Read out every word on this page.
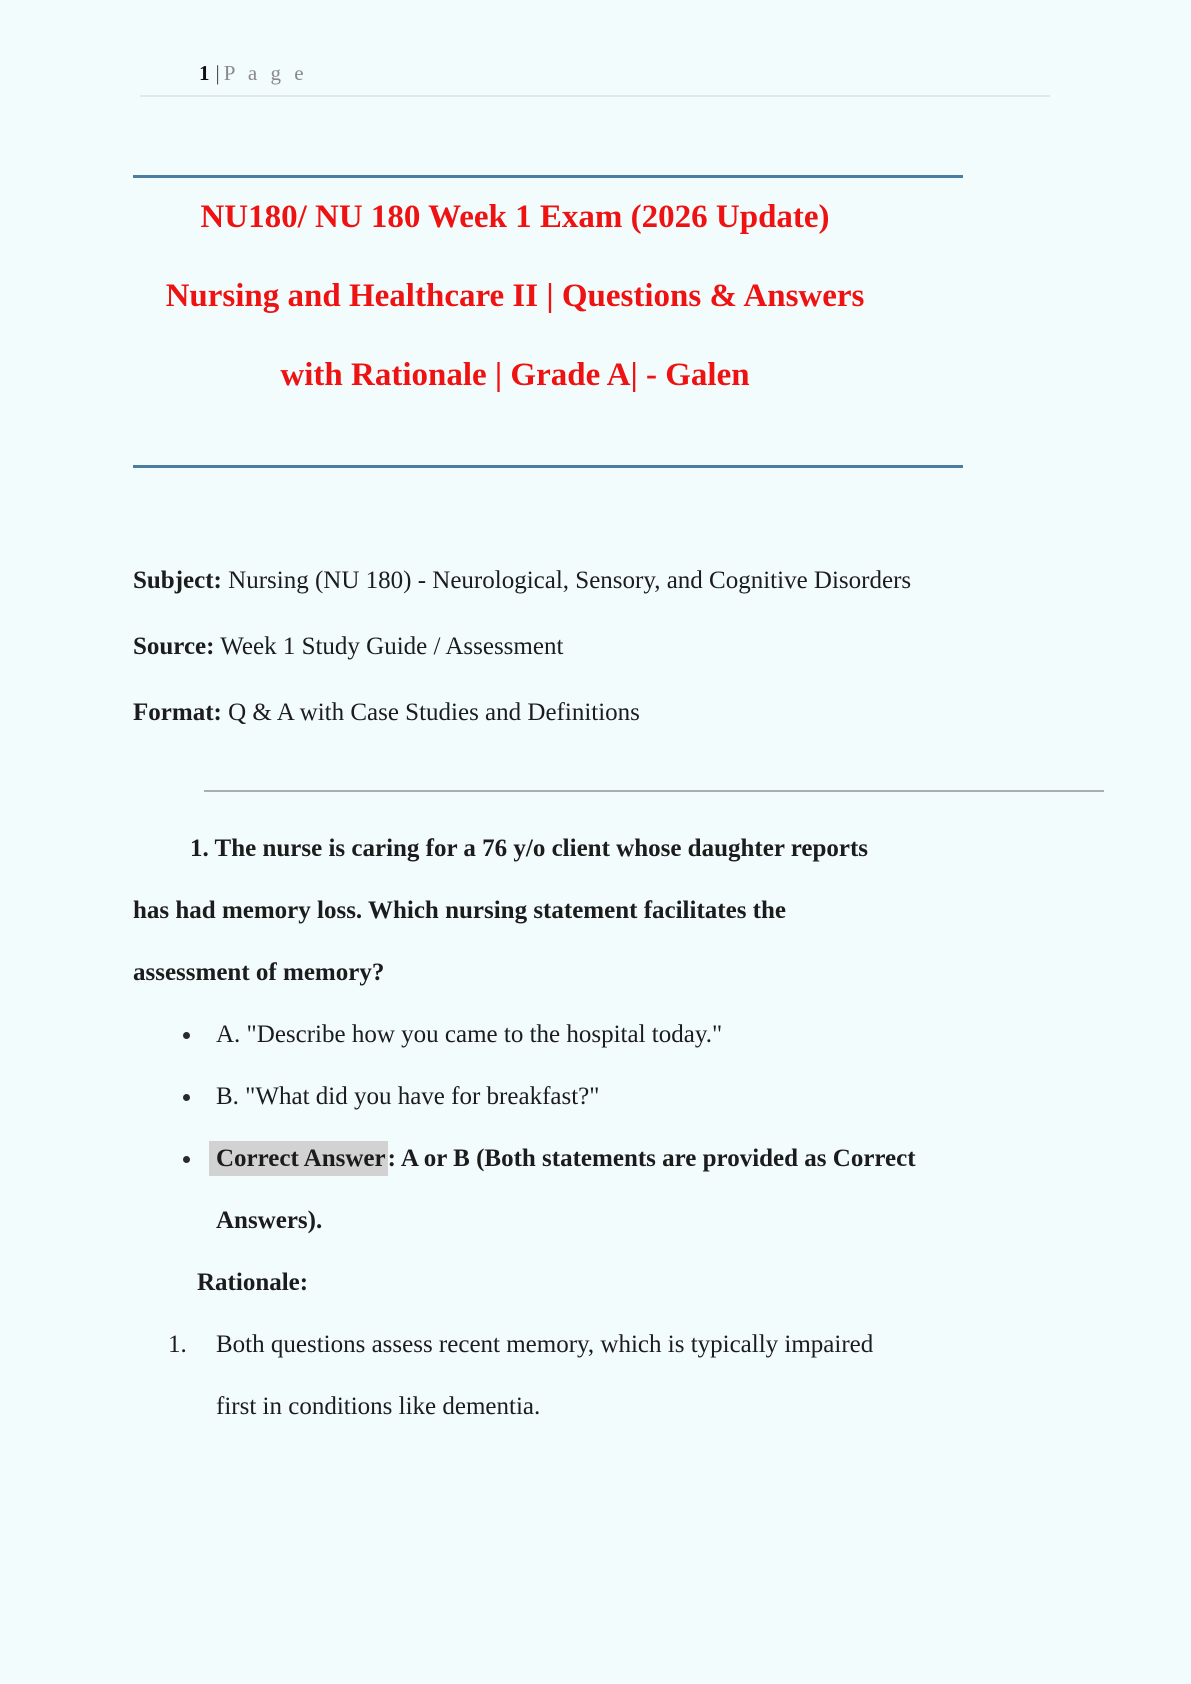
1 | P a g e
NU180/ NU 180 Week 1 Exam (2026 Update)
Nursing and Healthcare II | Questions & Answers
with Rationale | Grade A| - Galen
Subject: Nursing (NU 180) - Neurological, Sensory, and Cognitive Disorders
Source: Week 1 Study Guide / Assessment
Format: Q & A with Case Studies and Definitions
1. The nurse is caring for a 76 y/o client whose daughter reports
has had memory loss. Which nursing statement facilitates the
assessment of memory?
A. "Describe how you came to the hospital today."
B. "What did you have for breakfast?"
Correct Answer: A or B (Both statements are provided as Correct
Answers).
Rationale:
1. Both questions assess recent memory, which is typically impaired
first in conditions like dementia.
